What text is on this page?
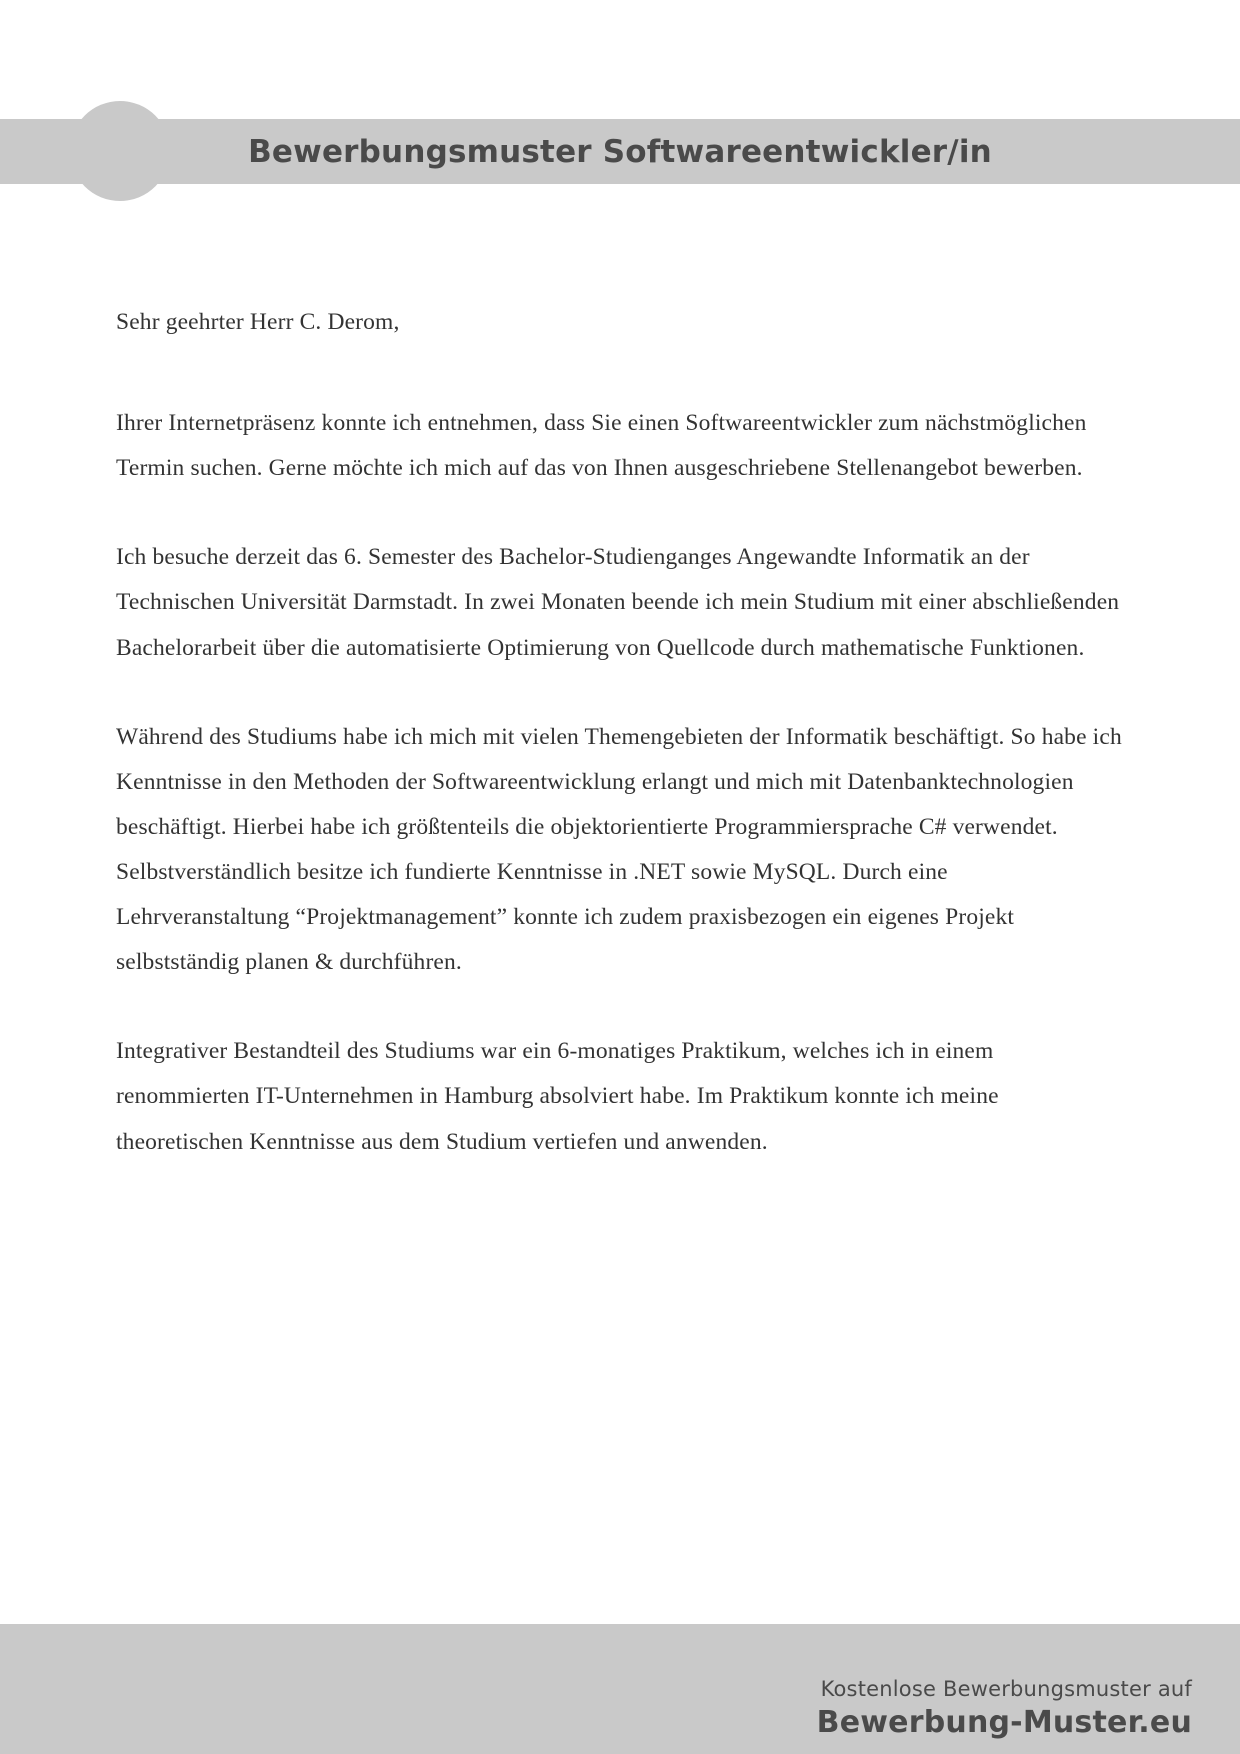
Bewerbungsmuster Softwareentwickler/in

Sehr geehrter Herr C. Derom,

Ihrer Internetpräsenz konnte ich entnehmen, dass Sie einen Softwareentwickler zum nächstmöglichen Termin suchen. Gerne möchte ich mich auf das von Ihnen ausgeschriebene Stellenangebot bewerben.

Ich besuche derzeit das 6. Semester des Bachelor-Studienganges Angewandte Informatik an der Technischen Universität Darmstadt. In zwei Monaten beende ich mein Studium mit einer abschließenden Bachelorarbeit über die automatisierte Optimierung von Quellcode durch mathematische Funktionen.

Während des Studiums habe ich mich mit vielen Themengebieten der Informatik beschäftigt. So habe ich Kenntnisse in den Methoden der Softwareentwicklung erlangt und mich mit Datenbanktechnologien beschäftigt. Hierbei habe ich größtenteils die objektorientierte Programmiersprache C# verwendet. Selbstverständlich besitze ich fundierte Kenntnisse in .NET sowie MySQL. Durch eine Lehrveranstaltung “Projektmanagement” konnte ich zudem praxisbezogen ein eigenes Projekt selbstständig planen & durchführen.

Integrativer Bestandteil des Studiums war ein 6-monatiges Praktikum, welches ich in einem renommierten IT-Unternehmen in Hamburg absolviert habe. Im Praktikum konnte ich meine theoretischen Kenntnisse aus dem Studium vertiefen und anwenden.

Kostenlose Bewerbungsmuster auf
Bewerbung-Muster.eu
